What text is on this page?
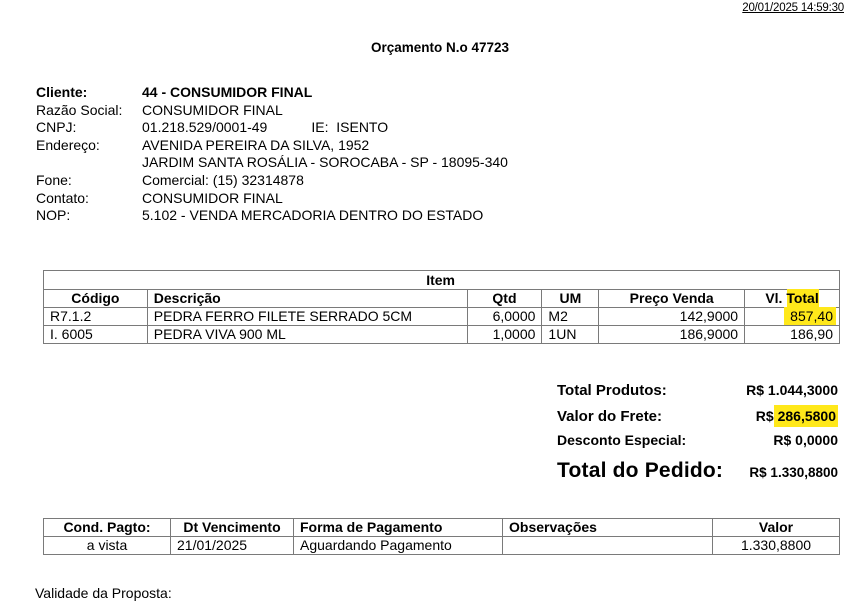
20/01/2025 14:59:30
Orçamento N.o 47723
Cliente:	44 - CONSUMIDOR FINAL
Razão Social:	CONSUMIDOR FINAL
CNPJ:	01.218.529/0001-49	IE: ISENTO
Endereço:	AVENIDA PEREIRA DA SILVA, 1952
JARDIM SANTA ROSÁLIA - SOROCABA - SP - 18095-340
Fone:	Comercial: (15) 32314878
Contato:	CONSUMIDOR FINAL
NOP:	5.102 - VENDA MERCADORIA DENTRO DO ESTADO
Item					
Código	Descrição	Qtd	UM	Preço Venda	Vl. Total
R7.1.2	PEDRA FERRO FILETE SERRADO 5CM	6,0000	M2	142,9000	857,40
I. 6005	PEDRA VIVA 900 ML	1,0000	1UN	186,9000	186,90
Total Produtos:	R$ 1.044,3000
Valor do Frete:	R$ 286,5800
Desconto Especial:	R$ 0,0000
Total do Pedido: R$ 1.330,8800
Cond. Pagto:	Dt Vencimento	Forma de Pagamento	Observações	Valor
a vista	21/01/2025	Aguardando Pagamento		1.330,8800
Validade da Proposta:
